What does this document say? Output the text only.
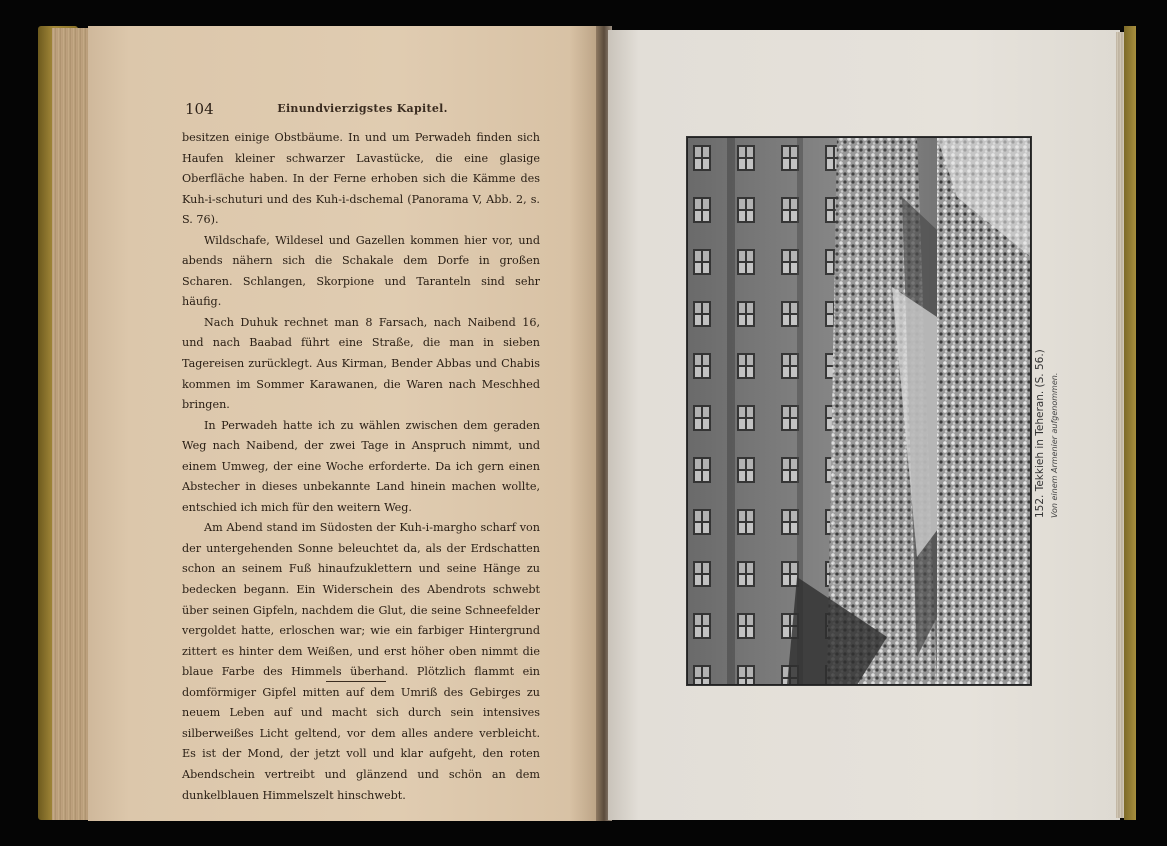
104	Einundvierzigstes Kapitel.

besitzen einige Obstbäume. In und um Perwadeh finden sich Haufen kleiner schwarzer Lavastücke, die eine glasige Oberfläche haben. In der Ferne erhoben sich die Kämme des Kuh-i-schuturi und des Kuh-i-dschemal (Panorama V, Abb. 2, s. S. 76).

Wildschafe, Wildesel und Gazellen kommen hier vor, und abends nähern sich die Schakale dem Dorfe in großen Scharen. Schlangen, Skorpione und Taranteln sind sehr häufig.

Nach Duhuk rechnet man 8 Farsach, nach Naibend 16, und nach Baabad führt eine Straße, die man in sieben Tagereisen zurücklegt. Aus Kirman, Bender Abbas und Chabis kommen im Sommer Karawanen, die Waren nach Meschhed bringen.

In Perwadeh hatte ich zu wählen zwischen dem geraden Weg nach Naibend, der zwei Tage in Anspruch nimmt, und einem Umweg, der eine Woche erforderte. Da ich gern einen Abstecher in dieses unbekannte Land hinein machen wollte, entschied ich mich für den weitern Weg.

Am Abend stand im Südosten der Kuh-i-margho scharf von der untergehenden Sonne beleuchtet da, als der Erdschatten schon an seinem Fuß hinaufzuklettern und seine Hänge zu bedecken begann. Ein Widerschein des Abendrots schwebt über seinen Gipfeln, nachdem die Glut, die seine Schneefelder vergoldet hatte, erloschen war; wie ein farbiger Hintergrund zittert es hinter dem Weißen, und erst höher oben nimmt die blaue Farbe des Himmels überhand. Plötzlich flammt ein domförmiger Gipfel mitten auf dem Umriß des Gebirges zu neuem Leben auf und macht sich durch sein intensives silberweißes Licht geltend, vor dem alles andere verbleicht. Es ist der Mond, der jetzt voll und klar aufgeht, den roten Abendschein vertreibt und glänzend und schön an dem dunkelblauen Himmelszelt hinschwebt.

152. Tekkieh in Teheran. (S. 56.) Von einem Armenier aufgenommen.
